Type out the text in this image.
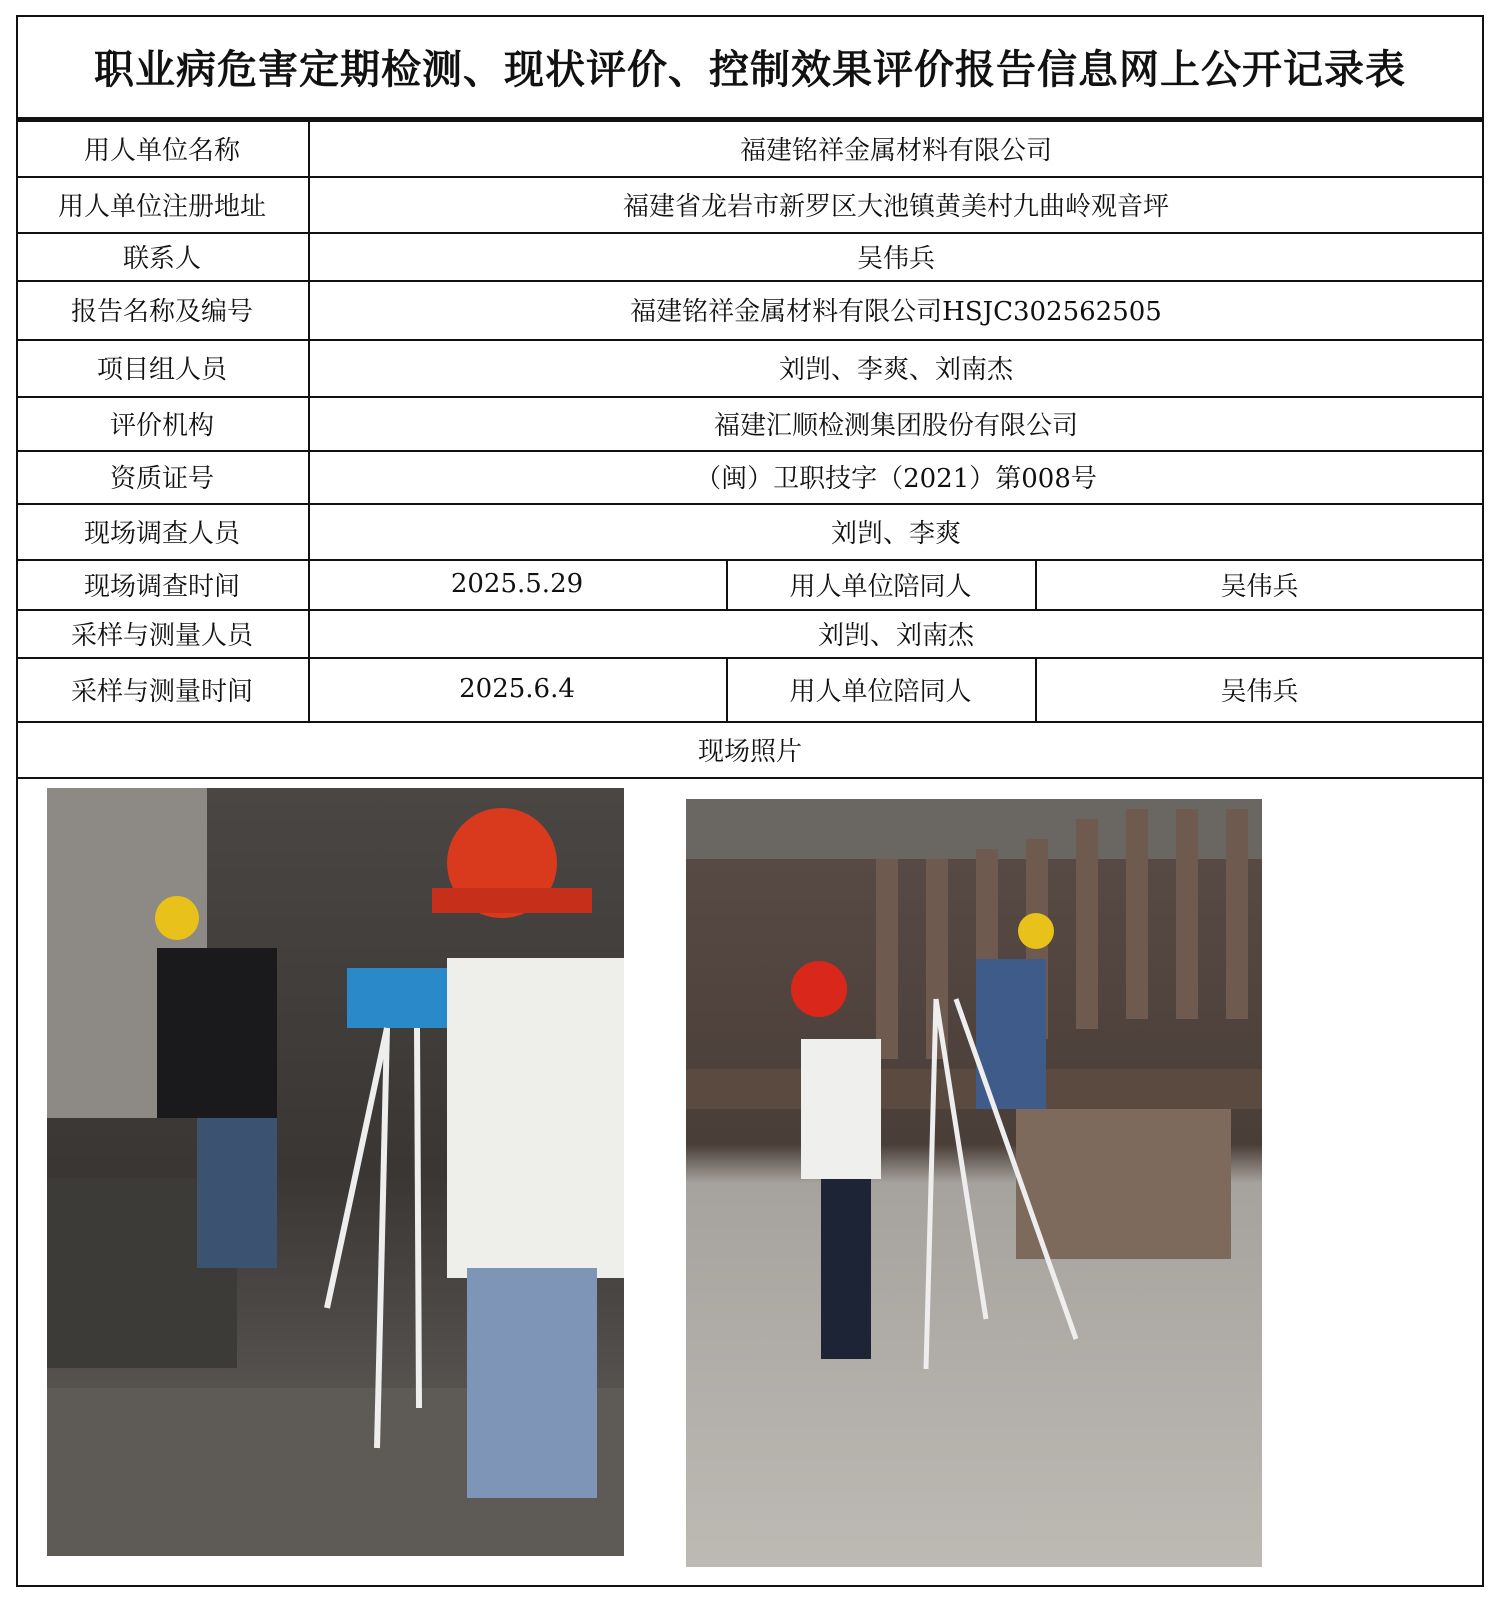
职业病危害定期检测、现状评价、控制效果评价报告信息网上公开记录表
用人单位名称	福建铭祥金属材料有限公司
用人单位注册地址	福建省龙岩市新罗区大池镇黄美村九曲岭观音坪
联系人	吴伟兵
报告名称及编号	福建铭祥金属材料有限公司HSJC302562505
项目组人员	刘剀、李爽、刘南杰
评价机构	福建汇顺检测集团股份有限公司
资质证号	（闽）卫职技字（2021）第008号
现场调查人员	刘剀、李爽
现场调查时间	2025.5.29	用人单位陪同人	吴伟兵
采样与测量人员	刘剀、刘南杰
采样与测量时间	2025.6.4	用人单位陪同人	吴伟兵
现场照片
